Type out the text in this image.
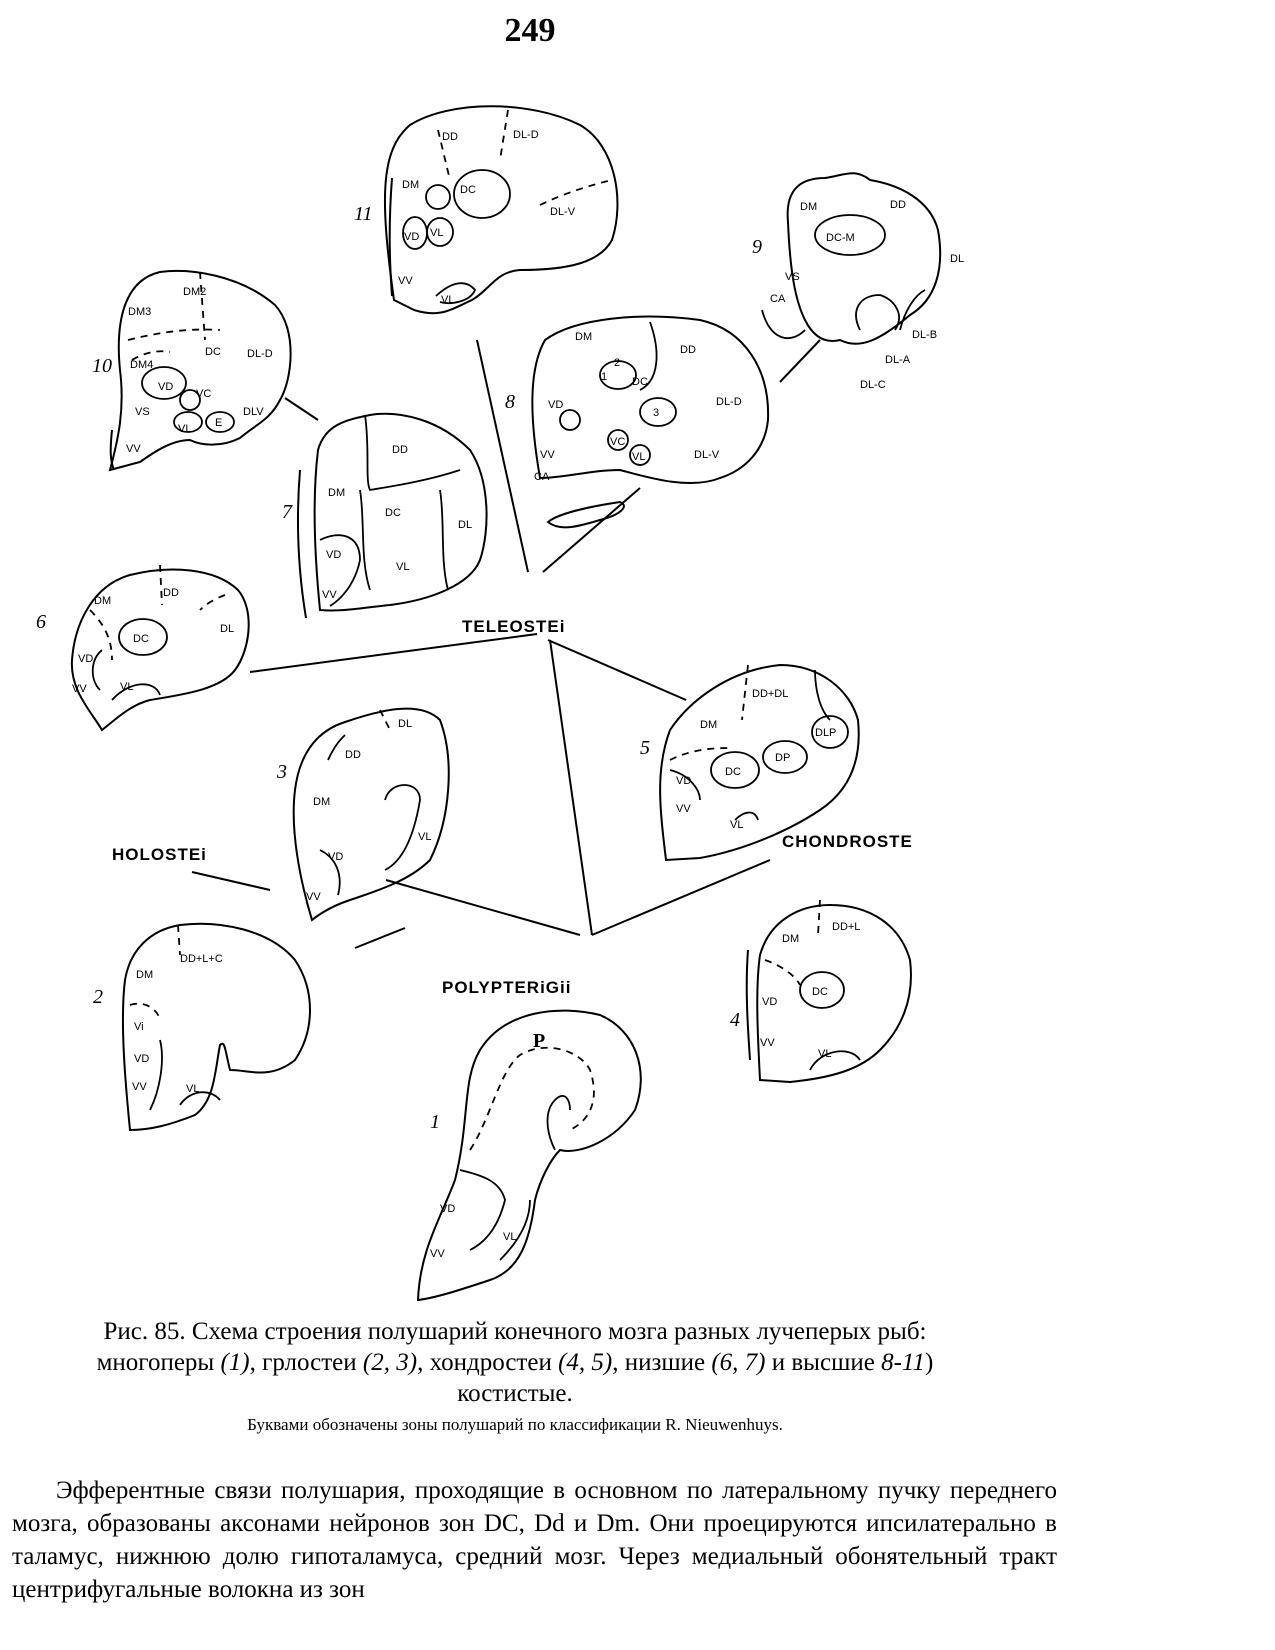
249
TELEOSTEi
HOLOSTEi
CHONDROSTE
POLYPTERiGii
1
2
3
4
5
6
7
8
9
10
11
DD	DL-D
DM	DC
VD VL
VV
DL-V
VL
DM3
DM2
DM4
DC DL-D
VD
VC
VS
VL
VV
E
DLV
DM	DD
DC-M
DL
VS
CA
DL-B
DL-A
DL-C
DM
DD
DC
1
2
3
DL-D
DL-V
VD
VC
VL
VV
CA
DD
DM
DC
DL
VD
VV
VL
DM
DD
DC
DL
VD
VV	VL
DD+DL
DM
DLP
DP
DC
VD
VV
VL
DM
DD+L
DC
VD
VV
VL
DD
DL
DM
VD
VV
VL
DM
DD+L+C
Vi
VD
VV	VL
P
VD
VV
VL
Рис. 85. Схема строения полушарий конечного мозга разных лучеперых рыб:
многоперы (1), грлостеи (2, 3), хондростеи (4, 5), низшие (6, 7) и высшие 8-11)
костистые.
Буквами обозначены зоны полушарий по классификации R. Nieuwenhuys.
Эфферентные связи полушария, проходящие в основном по латеральному пучку переднего мозга, образованы аксонами нейронов зон DC, Dd и Dm. Они проецируются ипсилатерально в таламус, нижнюю долю гипоталамуса, средний мозг. Через медиальный обонятельный тракт центрифугальные волокна из зон
